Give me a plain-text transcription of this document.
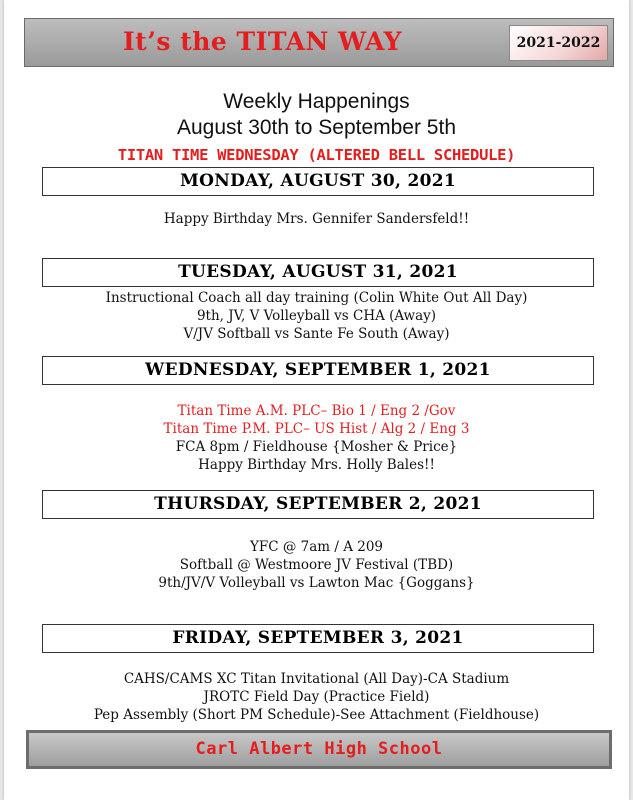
It’s the TITAN WAY	2021-2022
Weekly Happenings
August 30th to September 5th
TITAN TIME WEDNESDAY (ALTERED BELL SCHEDULE)
MONDAY, AUGUST 30, 2021
Happy Birthday Mrs. Gennifer Sandersfeld!!
TUESDAY, AUGUST 31, 2021
Instructional Coach all day training (Colin White Out All Day)
9th, JV, V Volleyball vs CHA (Away)
V/JV Softball vs Sante Fe South (Away)
WEDNESDAY, SEPTEMBER 1, 2021
Titan Time A.M. PLC– Bio 1 / Eng 2 /Gov
Titan Time P.M. PLC– US Hist / Alg 2 / Eng 3
FCA 8pm / Fieldhouse {Mosher & Price}
Happy Birthday Mrs. Holly Bales!!
THURSDAY, SEPTEMBER 2, 2021
YFC @ 7am / A 209
Softball @ Westmoore JV Festival (TBD)
9th/JV/V Volleyball vs Lawton Mac {Goggans}
FRIDAY, SEPTEMBER 3, 2021
CAHS/CAMS XC Titan Invitational (All Day)-CA Stadium
JROTC Field Day (Practice Field)
Pep Assembly (Short PM Schedule)-See Attachment (Fieldhouse)
Carl Albert High School
